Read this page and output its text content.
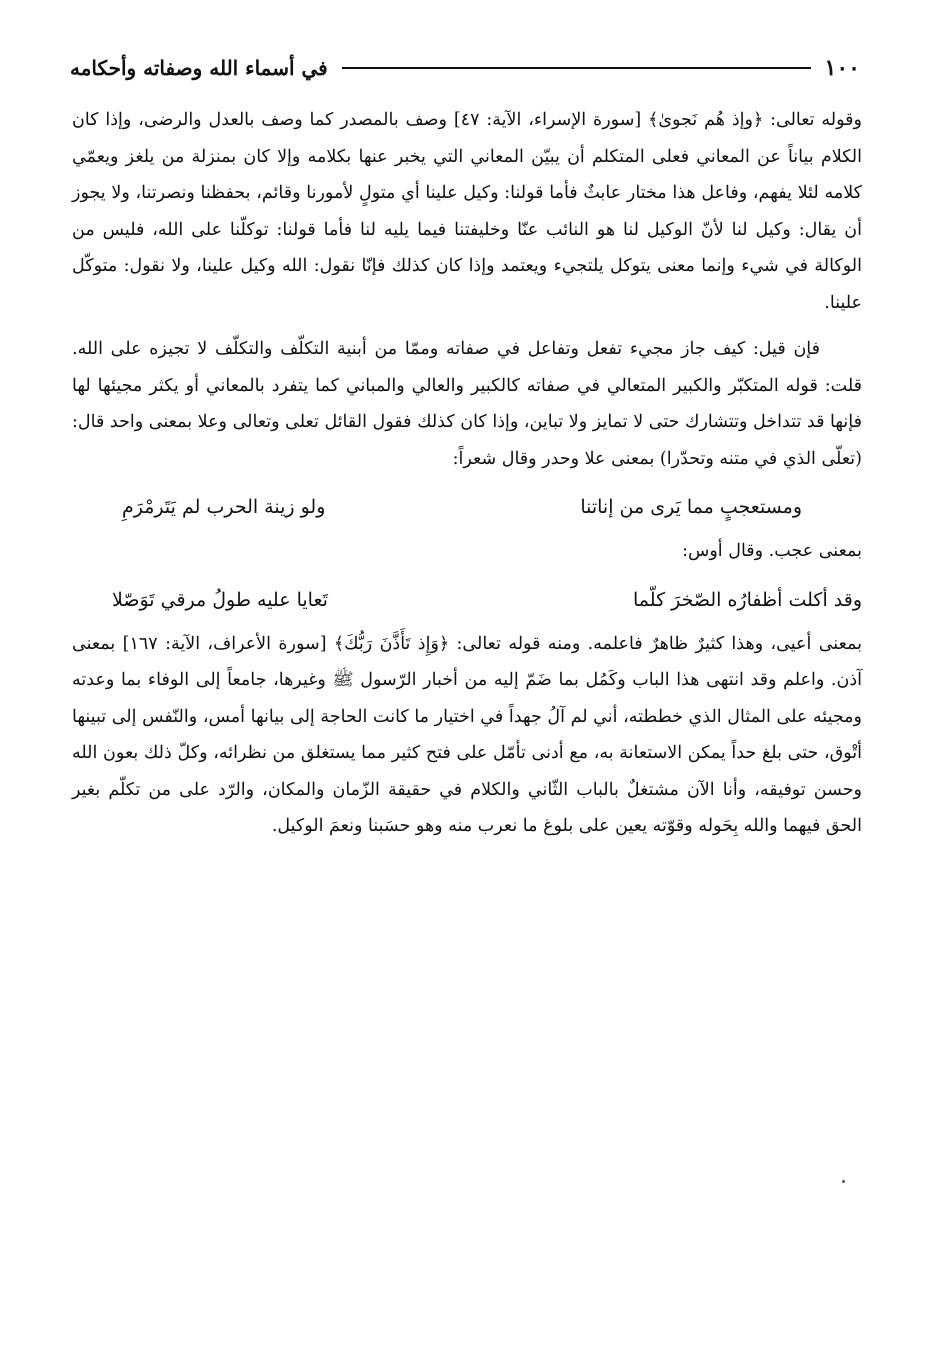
١٠٠
في أسماء الله وصفاته وأحكامه

وقوله تعالى: ﴿وإذ هُم نَجوىٰ﴾ [سورة الإسراء، الآية: ٤٧] وصف بالمصدر كما وصف بالعدل والرضى، وإذا كان الكلام بياناً عن المعاني فعلى المتكلم أن يبيّن المعاني التي يخبر عنها بكلامه وإلا كان بمنزلة من يلغز ويعمّي كلامه لئلا يفهم، وفاعل هذا مختار عابثٌ فأما قولنا: وكيل علينا أي متولٍ لأمورنا وقائم، بحفظنا ونصرتنا، ولا يجوز أن يقال: وكيل لنا لأنّ الوكيل لنا هو النائب عنّا وخليفتنا فيما يليه لنا فأما قولنا: توكلّنا على الله، فليس من الوكالة في شيء وإنما معنى يتوكل يلتجيء ويعتمد وإذا كان كذلك فإنّا نقول: الله وكيل علينا، ولا نقول: متوكّل علينا.

فإن قيل: كيف جاز مجيء تفعل وتفاعل في صفاته وممّا من أبنية التكلّف والتكلّف لا تجيزه على الله. قلت: قوله المتكبّر والكبير المتعالي في صفاته كالكبير والعالي والمباني كما يتفرد بالمعاني أو يكثر مجيئها لها فإنها قد تتداخل وتتشارك حتى لا تمايز ولا تباين، وإذا كان كذلك فقول القائل تعلى وتعالى وعلا بمعنى واحد قال: (تعلّى الذي في متنه وتحدّرا) بمعنى علا وحدر وقال شعراً:

ومستعجبٍ مما يَرى من إناتنا
ولو زينة الحرب لم يَتَرمْرَمِ

بمعنى عجب. وقال أوس:

وقد أكلت أظفارُه الصّخرَ كلّما
تَعايا عليه طولُ مرقي تَوَصّلا

بمعنى أعيى، وهذا كثيرٌ ظاهرٌ فاعلمه. ومنه قوله تعالى: ﴿وَإِذ تَأَذَّنَ رَبُّكَ﴾ [سورة الأعراف، الآية: ١٦٧] بمعنى آذن. واعلم وقد انتهى هذا الباب وكَمُل بما ضَمّ إليه من أخبار الرّسول ﷺ وغيرها، جامعاً إلى الوفاء بما وعدته ومجيئه على المثال الذي خططته، أني لم آلُ جهداً في اختيار ما كانت الحاجة إلى بيانها أمس، والنّفس إلى تبينها أتْوق، حتى بلغ حداً يمكن الاستعانة به، مع أدنى تأمّل على فتح كثير مما يستغلق من نظرائه، وكلّ ذلك بعون الله وحسن توفيقه، وأنا الآن مشتغلٌ بالباب الثّاني والكلام في حقيقة الزّمان والمكان، والرّد على من تكلّم بغير الحق فيهما والله بِحَوله وقوّته يعين على بلوغ ما نعرب منه وهو حسَبنا ونعمَ الوكيل.
